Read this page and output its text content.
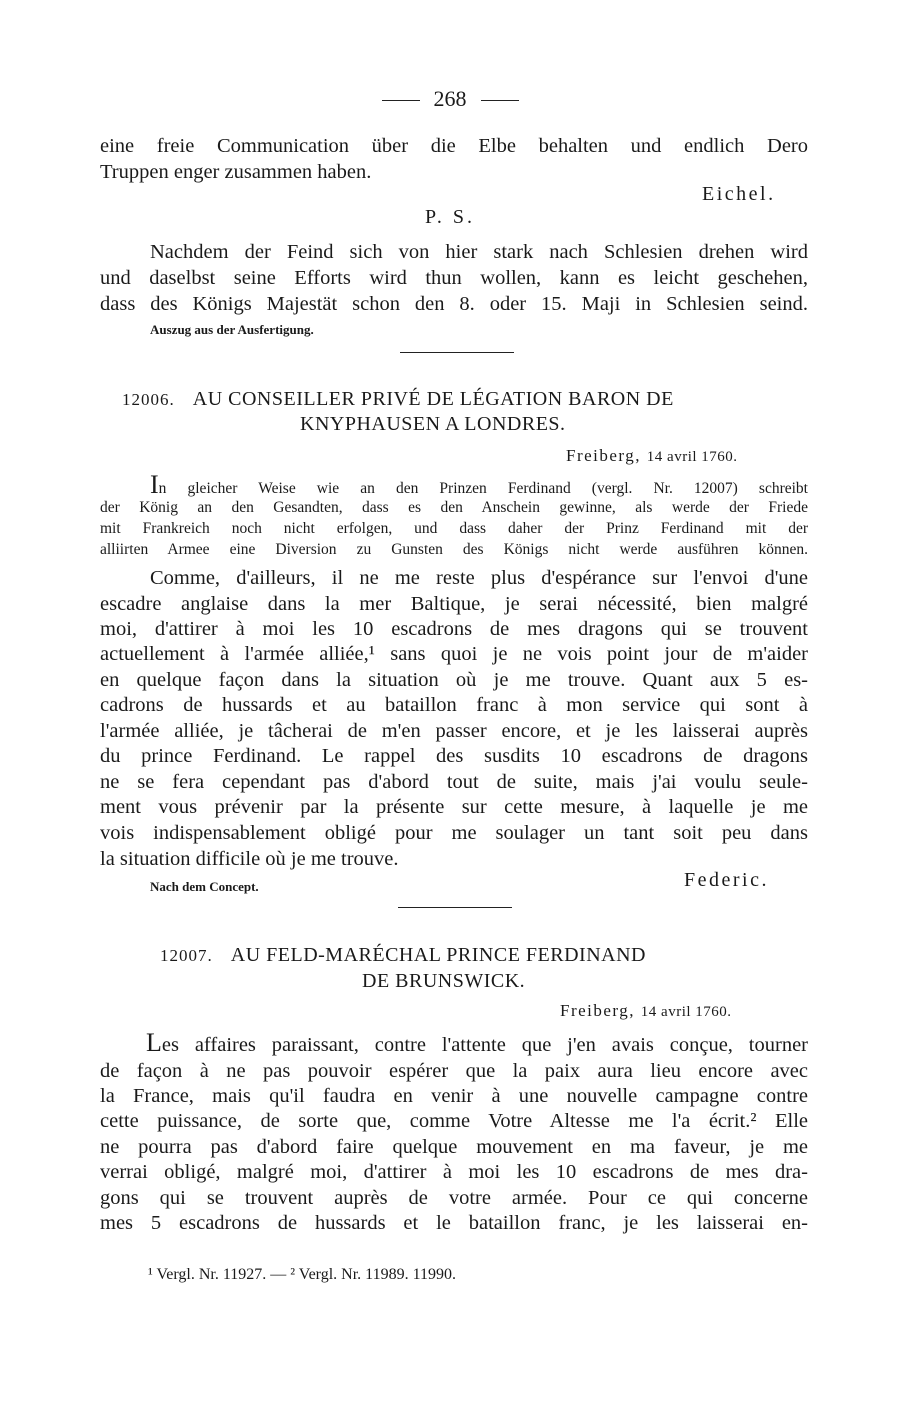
268
eine freie Communication über die Elbe behalten und endlich Dero
Truppen enger zusammen haben.
Eichel.
P. S.
Nachdem der Feind sich von hier stark nach Schlesien drehen wird
und daselbst seine Efforts wird thun wollen, kann es leicht geschehen,
dass des Königs Majestät schon den 8. oder 15. Maji in Schlesien seind.
Auszug aus der Ausfertigung.
12006. AU CONSEILLER PRIVÉ DE LÉGATION BARON DE
KNYPHAUSEN A LONDRES.
Freiberg, 14 avril 1760.
In gleicher Weise wie an den Prinzen Ferdinand (vergl. Nr. 12007) schreibt
der König an den Gesandten, dass es den Anschein gewinne, als werde der Friede
mit Frankreich noch nicht erfolgen, und dass daher der Prinz Ferdinand mit der
alliirten Armee eine Diversion zu Gunsten des Königs nicht werde ausführen können.
Comme, d'ailleurs, il ne me reste plus d'espérance sur l'envoi d'une
escadre anglaise dans la mer Baltique, je serai nécessité, bien malgré
moi, d'attirer à moi les 10 escadrons de mes dragons qui se trouvent
actuellement à l'armée alliée,¹ sans quoi je ne vois point jour de m'aider
en quelque façon dans la situation où je me trouve. Quant aux 5 es-
cadrons de hussards et au bataillon franc à mon service qui sont à
l'armée alliée, je tâcherai de m'en passer encore, et je les laisserai auprès
du prince Ferdinand. Le rappel des susdits 10 escadrons de dragons
ne se fera cependant pas d'abord tout de suite, mais j'ai voulu seule-
ment vous prévenir par la présente sur cette mesure, à laquelle je me
vois indispensablement obligé pour me soulager un tant soit peu dans
la situation difficile où je me trouve.
Nach dem Concept.	Federic.
12007. AU FELD-MARÉCHAL PRINCE FERDINAND
DE BRUNSWICK.
Freiberg, 14 avril 1760.
Les affaires paraissant, contre l'attente que j'en avais conçue, tourner
de façon à ne pas pouvoir espérer que la paix aura lieu encore avec
la France, mais qu'il faudra en venir à une nouvelle campagne contre
cette puissance, de sorte que, comme Votre Altesse me l'a écrit.² Elle
ne pourra pas d'abord faire quelque mouvement en ma faveur, je me
verrai obligé, malgré moi, d'attirer à moi les 10 escadrons de mes dra-
gons qui se trouvent auprès de votre armée. Pour ce qui concerne
mes 5 escadrons de hussards et le bataillon franc, je les laisserai en-
¹ Vergl. Nr. 11927. — ² Vergl. Nr. 11989. 11990.
